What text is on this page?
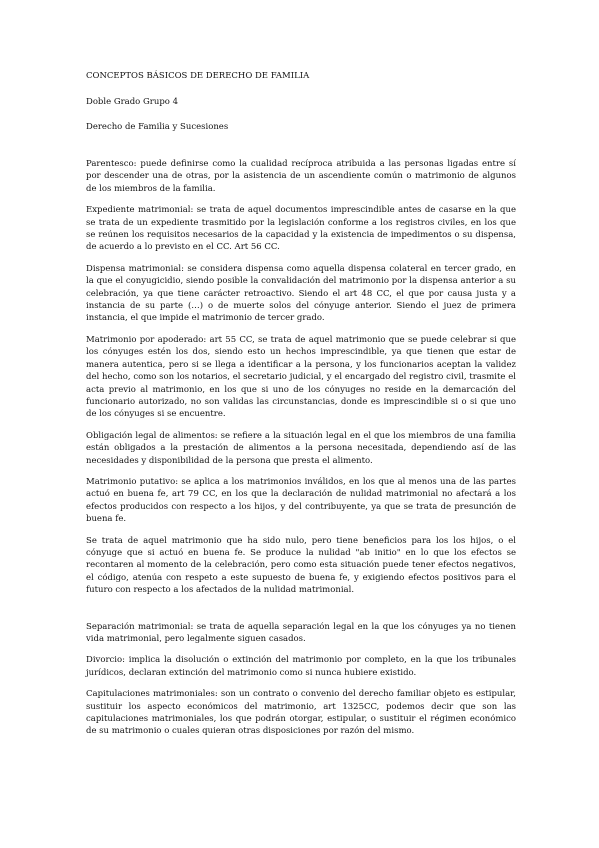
CONCEPTOS BÁSICOS DE DERECHO DE FAMILIA

Doble Grado Grupo 4

Derecho de Familia y Sucesiones

Parentesco: puede definirse como la cualidad recíproca atribuida a las personas ligadas entre sí por descender una de otras, por la asistencia de un ascendiente común o matrimonio de algunos de los miembros de la familia.

Expediente matrimonial: se trata de aquel documentos imprescindible antes de casarse en la que se trata de un expediente trasmitido por la legislación conforme a los registros civiles, en los que se reúnen los requisitos necesarios de la capacidad y la existencia de impedimentos o su dispensa, de acuerdo a lo previsto en el CC. Art 56 CC.

Dispensa matrimonial: se considera dispensa como aquella dispensa colateral en tercer grado, en la que el conyugicidio, siendo posible la convalidación del matrimonio por la dispensa anterior a su celebración, ya que tiene carácter retroactivo. Siendo el art 48 CC, el que por causa justa y a instancia de su parte (…) o de muerte solos del cónyuge anterior. Siendo el juez de primera instancia, el que impide el matrimonio de tercer grado.

Matrimonio por apoderado: art 55 CC, se trata de aquel matrimonio que se puede celebrar si que los cónyuges estén los dos, siendo esto un hechos imprescindible, ya que tienen que estar de manera autentica, pero si se llega a identificar a la persona, y los funcionarios aceptan la validez del hecho, como son los notarios, el secretario judicial, y el encargado del registro civil, trasmite el acta previo al matrimonio, en los que si uno de los cónyuges no reside en la demarcación del funcionario autorizado, no son validas las circunstancias, donde es imprescindible si o si que uno de los cónyuges si se encuentre.

Obligación legal de alimentos: se refiere a la situación legal en el que los miembros de una familia están obligados a la prestación de alimentos a la persona necesitada, dependiendo así de las necesidades y disponibilidad de la persona que presta el alimento.

Matrimonio putativo: se aplica a los matrimonios inválidos, en los que al menos una de las partes actuó en buena fe, art 79 CC, en los que la declaración de nulidad matrimonial no afectará a los efectos producidos con respecto a los hijos, y del contribuyente, ya que se trata de presunción de buena fe.

Se trata de aquel matrimonio que ha sido nulo, pero tiene beneficios para los los hijos, o el cónyuge que si actuó en buena fe. Se produce la nulidad "ab initio" en lo que los efectos se recontaren al momento de la celebración, pero como esta situación puede tener efectos negativos, el código, atenúa con respeto a este supuesto de buena fe, y exigiendo efectos positivos para el futuro con respecto a los afectados de la nulidad matrimonial.

Separación matrimonial: se trata de aquella separación legal en la que los cónyuges ya no tienen vida matrimonial, pero legalmente siguen casados.

Divorcio: implica la disolución o extinción del matrimonio por completo, en la que los tribunales jurídicos, declaran extinción del matrimonio como si nunca hubiere existido.

Capitulaciones matrimoniales: son un contrato o convenio del derecho familiar objeto es estipular, sustituir los aspecto económicos del matrimonio, art 1325CC, podemos decir que son las capitulaciones matrimoniales, los que podrán otorgar, estipular, o sustituir el régimen económico de su matrimonio o cuales quieran otras disposiciones por razón del mismo.
